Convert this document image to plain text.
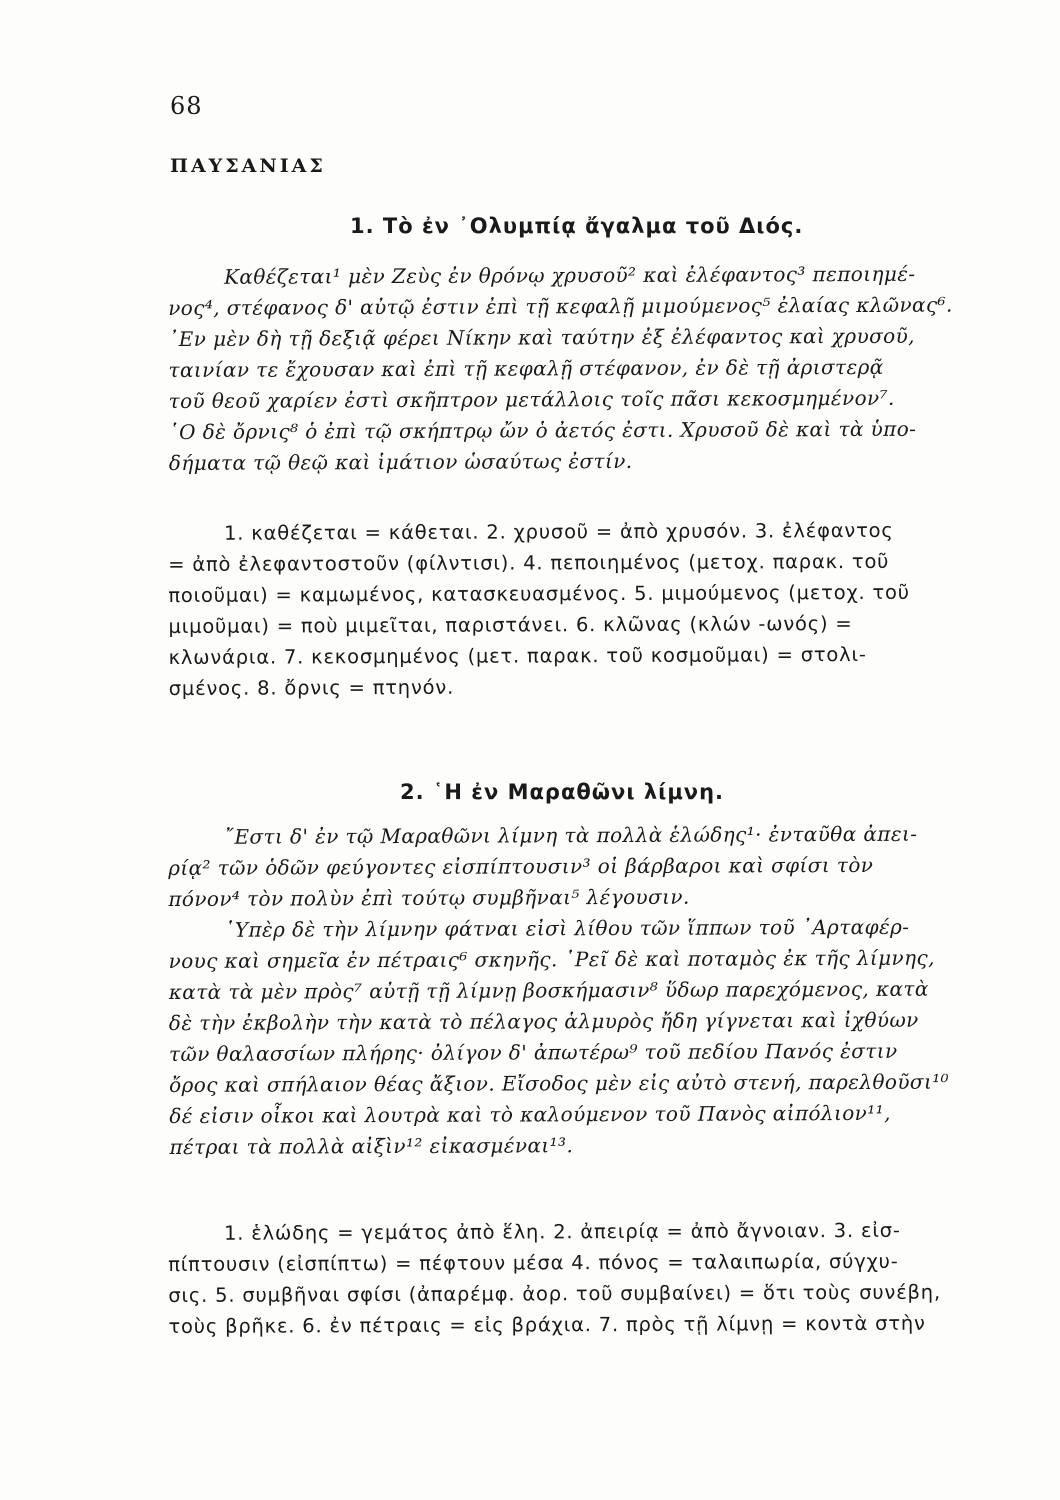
68
ΠΑΥΣΑΝΙΑΣ
1. Τὸ ἐν ᾿Ολυμπίᾳ ἄγαλμα τοῦ Διός.
Καθέζεται¹ μὲν Ζεὺς ἐν θρόνῳ χρυσοῦ² καὶ ἐλέφαντος³ πεποιημέ-
νος⁴, στέφανος δ' αὐτῷ ἐστιν ἐπὶ τῇ κεφαλῇ μιμούμενος⁵ ἐλαίας κλῶνας⁶.
᾿Εν μὲν δὴ τῇ δεξιᾷ φέρει Νίκην καὶ ταύτην ἐξ ἐλέφαντος καὶ χρυσοῦ,
ταινίαν τε ἔχουσαν καὶ ἐπὶ τῇ κεφαλῇ στέφανον, ἐν δὲ τῇ ἀριστερᾷ
τοῦ θεοῦ χαρίεν ἐστὶ σκῆπτρον μετάλλοις τοῖς πᾶσι κεκοσμημένον⁷.
῾Ο δὲ ὄρνις⁸ ὁ ἐπὶ τῷ σκήπτρῳ ὤν ὁ ἀετός ἐστι. Χρυσοῦ δὲ καὶ τὰ ὑπο-
δήματα τῷ θεῷ καὶ ἱμάτιον ὡσαύτως ἐστίν.
1. καθέζεται = κάθεται. 2. χρυσοῦ = ἀπὸ χρυσόν. 3. ἐλέφαντος
= ἀπὸ ἐλεφαντοστοῦν (φίλντισι). 4. πεποιημένος (μετοχ. παρακ. τοῦ
ποιοῦμαι) = καμωμένος, κατασκευασμένος. 5. μιμούμενος (μετοχ. τοῦ
μιμοῦμαι) = ποὺ μιμεῖται, παριστάνει. 6. κλῶνας (κλών -ωνός) =
κλωνάρια. 7. κεκοσμημένος (μετ. παρακ. τοῦ κοσμοῦμαι) = στολι-
σμένος. 8. ὄρνις = πτηνόν.
2. ῾Η ἐν Μαραθῶνι λίμνη.
῎Εστι δ' ἐν τῷ Μαραθῶνι λίμνη τὰ πολλὰ ἑλώδης¹· ἐνταῦθα ἀπει-
ρίᾳ² τῶν ὁδῶν φεύγοντες εἰσπίπτουσιν³ οἱ βάρβαροι καὶ σφίσι τὸν
πόνον⁴ τὸν πολὺν ἐπὶ τούτῳ συμβῆναι⁵ λέγουσιν.
῾Υπὲρ δὲ τὴν λίμνην φάτναι εἰσὶ λίθου τῶν ἵππων τοῦ ᾿Αρταφέρ-
νους καὶ σημεῖα ἐν πέτραις⁶ σκηνῆς. ῾Ρεῖ δὲ καὶ ποταμὸς ἐκ τῆς λίμνης,
κατὰ τὰ μὲν πρὸς⁷ αὐτῇ τῇ λίμνῃ βοσκήμασιν⁸ ὕδωρ παρεχόμενος, κατὰ
δὲ τὴν ἐκβολὴν τὴν κατὰ τὸ πέλαγος ἁλμυρὸς ἤδη γίγνεται καὶ ἰχθύων
τῶν θαλασσίων πλήρης· ὀλίγον δ' ἀπωτέρω⁹ τοῦ πεδίου Πανός ἐστιν
ὄρος καὶ σπήλαιον θέας ἄξιον. Εἴσοδος μὲν εἰς αὐτὸ στενή, παρελθοῦσι¹⁰
δέ εἰσιν οἶκοι καὶ λουτρὰ καὶ τὸ καλούμενον τοῦ Πανὸς αἰπόλιον¹¹,
πέτραι τὰ πολλὰ αἰξὶν¹² εἰκασμέναι¹³.
1. ἑλώδης = γεμάτος ἀπὸ ἕλη. 2. ἀπειρίᾳ = ἀπὸ ἄγνοιαν. 3. εἰσ-
πίπτουσιν (εἰσπίπτω) = πέφτουν μέσα 4. πόνος = ταλαιπωρία, σύγχυ-
σις. 5. συμβῆναι σφίσι (ἀπαρέμφ. ἀορ. τοῦ συμβαίνει) = ὅτι τοὺς συνέβη,
τοὺς βρῆκε. 6. ἐν πέτραις = εἰς βράχια. 7. πρὸς τῇ λίμνῃ = κοντὰ στὴν
